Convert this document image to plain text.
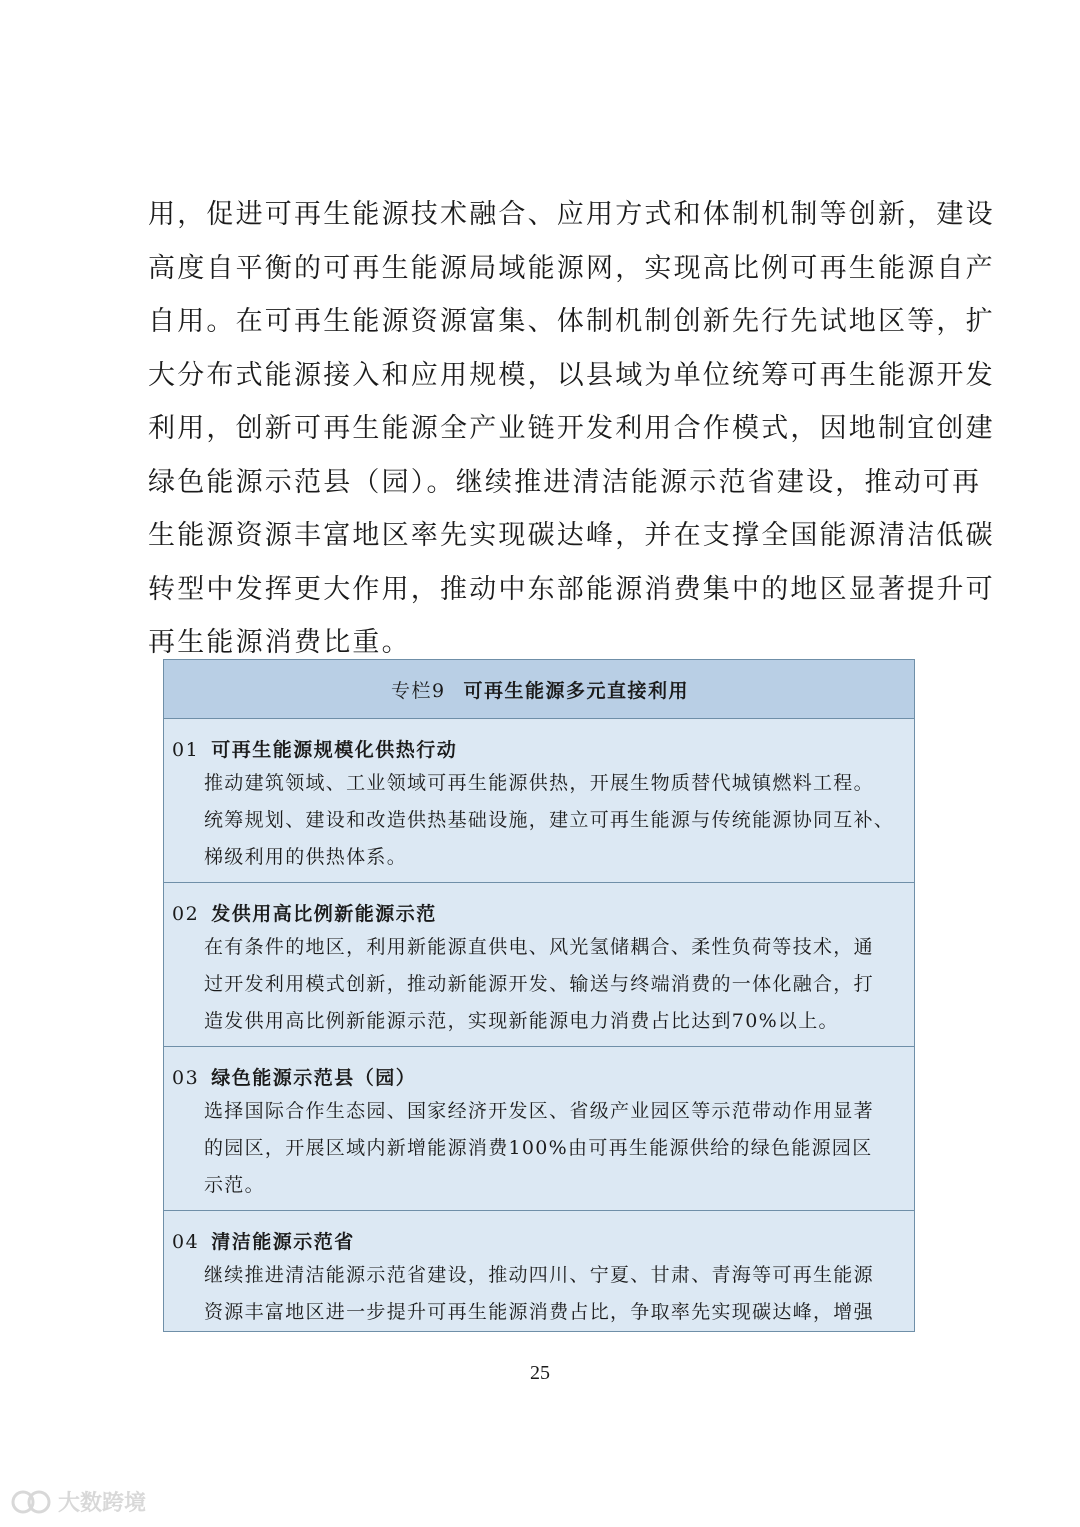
用，促进可再生能源技术融合、应用方式和体制机制等创新，建设
高度自平衡的可再生能源局域能源网，实现高比例可再生能源自产
自用。在可再生能源资源富集、体制机制创新先行先试地区等，扩
大分布式能源接入和应用规模，以县域为单位统筹可再生能源开发
利用，创新可再生能源全产业链开发利用合作模式，因地制宜创建
绿色能源示范县（园）。继续推进清洁能源示范省建设，推动可再
生能源资源丰富地区率先实现碳达峰，并在支撑全国能源清洁低碳
转型中发挥更大作用，推动中东部能源消费集中的地区显著提升可
再生能源消费比重。
专栏9 可再生能源多元直接利用
01 可再生能源规模化供热行动
推动建筑领域、工业领域可再生能源供热，开展生物质替代城镇燃料工程。
统筹规划、建设和改造供热基础设施，建立可再生能源与传统能源协同互补、
梯级利用的供热体系。
02 发供用高比例新能源示范
在有条件的地区，利用新能源直供电、风光氢储耦合、柔性负荷等技术，通
过开发利用模式创新，推动新能源开发、输送与终端消费的一体化融合，打
造发供用高比例新能源示范，实现新能源电力消费占比达到70%以上。
03 绿色能源示范县（园）
选择国际合作生态园、国家经济开发区、省级产业园区等示范带动作用显著
的园区，开展区域内新增能源消费100%由可再生能源供给的绿色能源园区
示范。
04 清洁能源示范省
继续推进清洁能源示范省建设，推动四川、宁夏、甘肃、青海等可再生能源
资源丰富地区进一步提升可再生能源消费占比，争取率先实现碳达峰，增强
25
大数跨境
